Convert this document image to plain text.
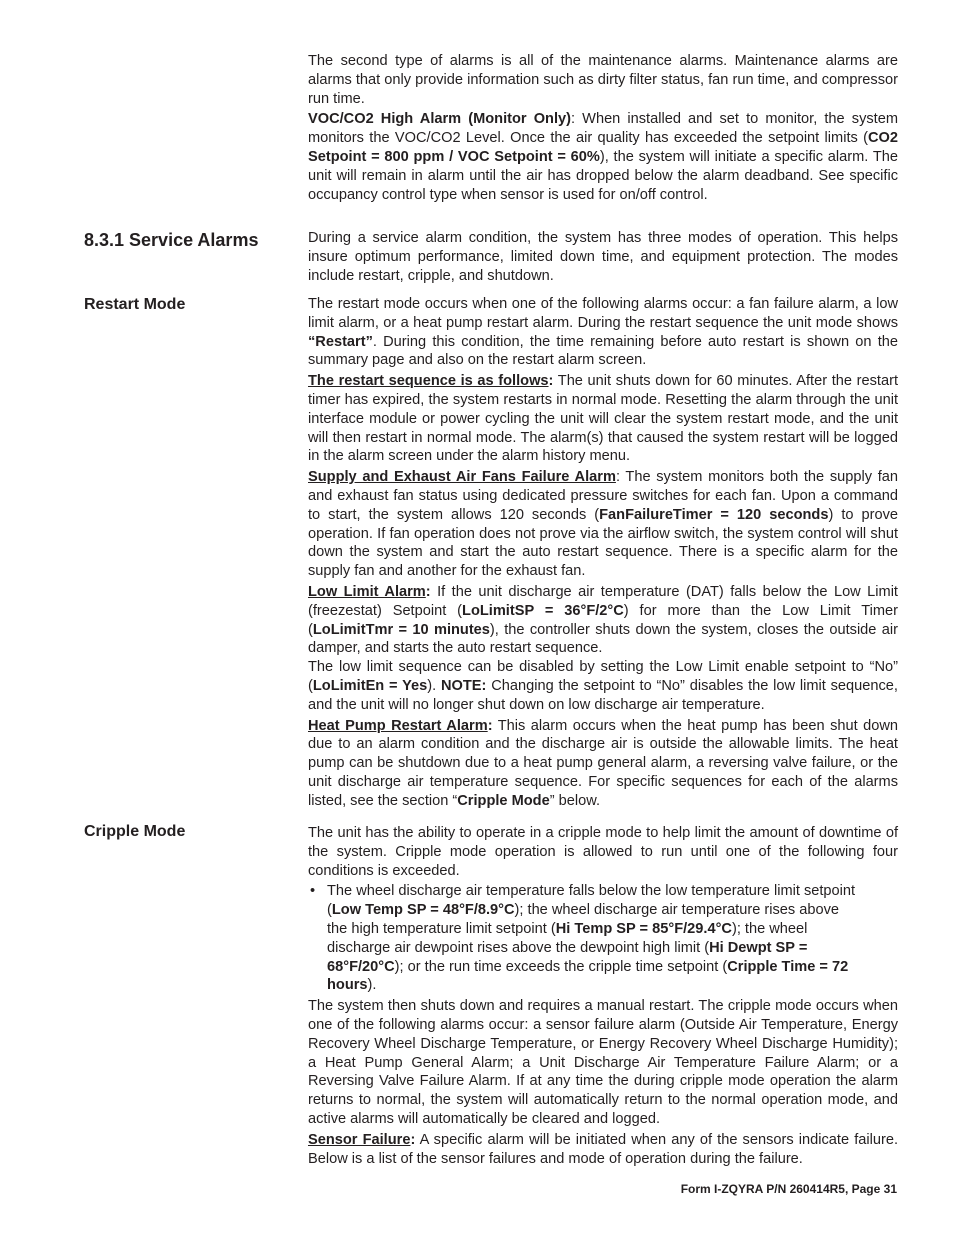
The second type of alarms is all of the maintenance alarms. Maintenance alarms are alarms that only provide information such as dirty filter status, fan run time, and compressor run time.

VOC/CO2 High Alarm (Monitor Only): When installed and set to monitor, the system monitors the VOC/CO2 Level. Once the air quality has exceeded the setpoint limits (CO2 Setpoint = 800 ppm / VOC Setpoint = 60%), the system will initiate a specific alarm. The unit will remain in alarm until the air has dropped below the alarm deadband. See specific occupancy control type when sensor is used for on/off control.

8.3.1 Service Alarms	During a service alarm condition, the system has three modes of operation. This helps insure optimum performance, limited down time, and equipment protection. The modes include restart, cripple, and shutdown.

Restart Mode	The restart mode occurs when one of the following alarms occur: a fan failure alarm, a low limit alarm, or a heat pump restart alarm. During the restart sequence the unit mode shows “Restart”. During this condition, the time remaining before auto restart is shown on the summary page and also on the restart alarm screen.

The restart sequence is as follows: The unit shuts down for 60 minutes. After the restart timer has expired, the system restarts in normal mode. Resetting the alarm through the unit interface module or power cycling the unit will clear the system restart mode, and the unit will then restart in normal mode. The alarm(s) that caused the system restart will be logged in the alarm screen under the alarm history menu.

Supply and Exhaust Air Fans Failure Alarm: The system monitors both the supply fan and exhaust fan status using dedicated pressure switches for each fan. Upon a command to start, the system allows 120 seconds (FanFailureTimer = 120 seconds) to prove operation. If fan operation does not prove via the airflow switch, the system control will shut down the system and start the auto restart sequence. There is a specific alarm for the supply fan and another for the exhaust fan.

Low Limit Alarm: If the unit discharge air temperature (DAT) falls below the Low Limit (freezestat) Setpoint (LoLimitSP = 36°F/2°C) for more than the Low Limit Timer (LoLimitTmr = 10 minutes), the controller shuts down the system, closes the outside air damper, and starts the auto restart sequence.

The low limit sequence can be disabled by setting the Low Limit enable setpoint to “No” (LoLimitEn = Yes). NOTE: Changing the setpoint to “No” disables the low limit sequence, and the unit will no longer shut down on low discharge air temperature.

Heat Pump Restart Alarm: This alarm occurs when the heat pump has been shut down due to an alarm condition and the discharge air is outside the allowable limits. The heat pump can be shutdown due to a heat pump general alarm, a reversing valve failure, or the unit discharge air temperature sequence. For specific sequences for each of the alarms listed, see the section “Cripple Mode” below.

Cripple Mode	The unit has the ability to operate in a cripple mode to help limit the amount of downtime of the system. Cripple mode operation is allowed to run until one of the following four conditions is exceeded.

• The wheel discharge air temperature falls below the low temperature limit setpoint (Low Temp SP = 48°F/8.9°C); the wheel discharge air temperature rises above the high temperature limit setpoint (Hi Temp SP = 85°F/29.4°C); the wheel discharge air dewpoint rises above the dewpoint high limit (Hi Dewpt SP = 68°F/20°C); or the run time exceeds the cripple time setpoint (Cripple Time = 72 hours).

The system then shuts down and requires a manual restart. The cripple mode occurs when one of the following alarms occur: a sensor failure alarm (Outside Air Temperature, Energy Recovery Wheel Discharge Temperature, or Energy Recovery Wheel Discharge Humidity); a Heat Pump General Alarm; a Unit Discharge Air Temperature Failure Alarm; or a Reversing Valve Failure Alarm. If at any time the during cripple mode operation the alarm returns to normal, the system will automatically return to the normal operation mode, and active alarms will automatically be cleared and logged.

Sensor Failure: A specific alarm will be initiated when any of the sensors indicate failure. Below is a list of the sensor failures and mode of operation during the failure.

Form I-ZQYRA P/N 260414R5, Page 31
